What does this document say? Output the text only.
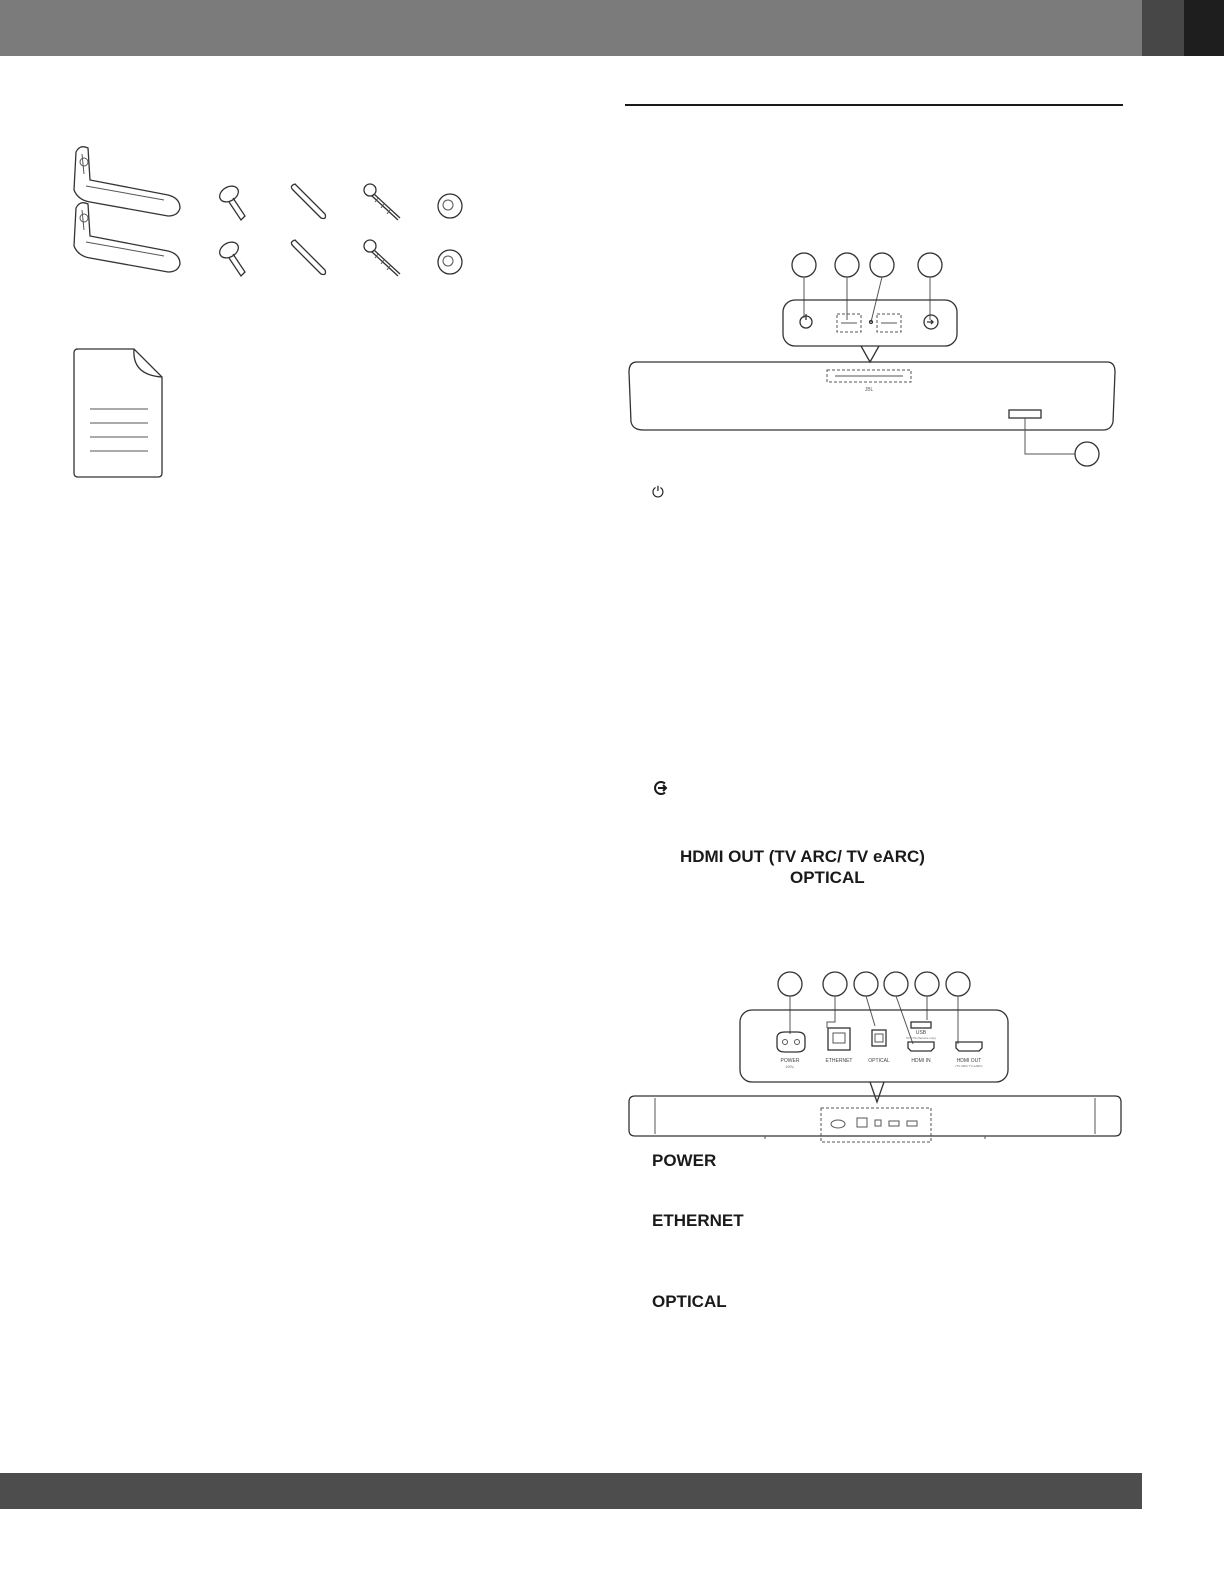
JBL
⏻
HDMI OUT (TV ARC/ TV eARC)
OPTICAL
POWER
100V-
ETHERNET	OPTICAL
USB
5V 0.5A (Service only)
HDMI IN	HDMI OUT
(TV ARC/ TV eARC)
POWER
ETHERNET
OPTICAL
